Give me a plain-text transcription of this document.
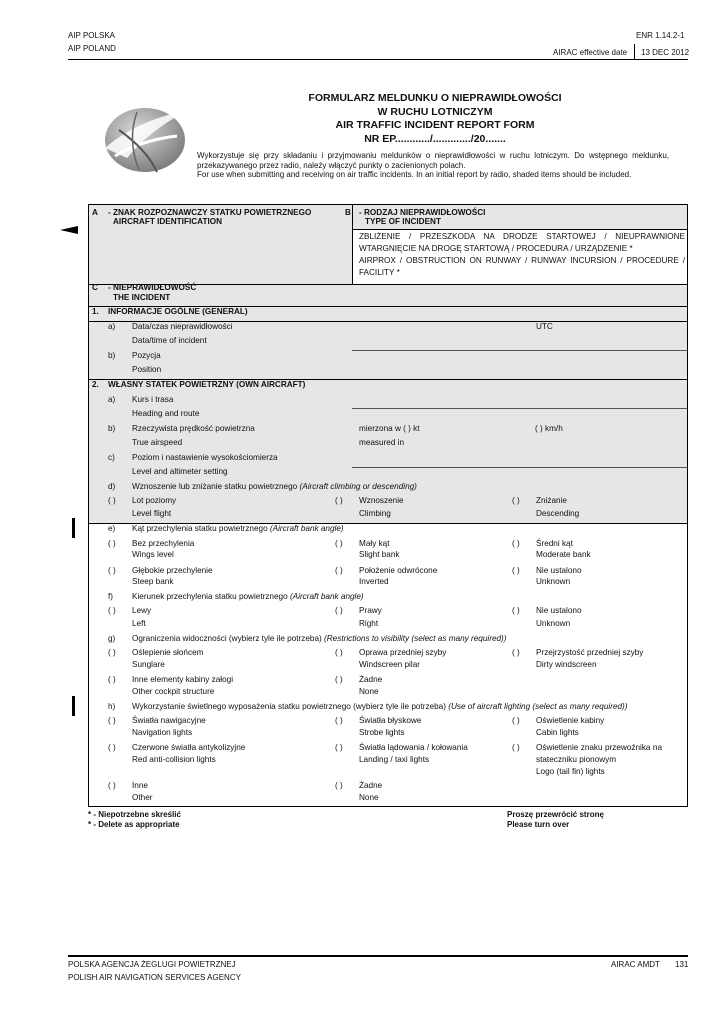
AIP POLSKA
AIP POLAND
ENR 1.14.2-1
AIRAC effective date 13 DEC 2012
FORMULARZ MELDUNKU O NIEPRAWIDŁOWOŚCI
W RUCHU LOTNICZYM
AIR TRAFFIC INCIDENT REPORT FORM
NR EP............/............./20.......
Wykorzystuje się przy składaniu i przyjmowaniu meldunków o nieprawidłowości w ruchu lotniczym. Do wstępnego meldunku, przekazywanego przez radio, należy włączyć punkty o zacienionych polach.
For use when submitting and receiving on air traffic incidents. In an initial report by radio, shaded items should be included.
A - ZNAK ROZPOZNAWCZY STATKU POWIETRZNEGO
AIRCRAFT IDENTIFICATION
B - RODZAJ NIEPRAWIDŁOWOŚCI
TYPE OF INCIDENT
ZBLIŻENIE / PRZESZKODA NA DRODZE STARTOWEJ / NIEUPRAWNIONE
WTARGNIĘCIE NA DROGĘ STARTOWĄ / PROCEDURA / URZĄDZENIE *
AIRPROX / OBSTRUCTION ON RUNWAY / RUNWAY INCURSION / PROCEDURE /
FACILITY *
C - NIEPRAWIDŁOWOŚĆ
THE INCIDENT
1. INFORMACJE OGÓLNE (GENERAL)
a) Data/czas nieprawidłowości
Data/time of incident
UTC
b) Pozycja
Position
2. WŁASNY STATEK POWIETRZNY (OWN AIRCRAFT)
a) Kurs i trasa
Heading and route
b) Rzeczywista prędkość powietrzna
True airspeed
mierzona w ( ) kt
measured in
( ) km/h
c) Poziom i nastawienie wysokościomierza
Level and altimeter setting
d) Wznoszenie lub zniżanie statku powietrznego (Aircraft climbing or descending)
( ) Lot poziomy
Level flight
( ) Wznoszenie
Climbing
( ) Zniżanie
Descending
e) Kąt przechylenia statku powietrznego (Aircraft bank angle)
( ) Bez przechylenia
Wings level
( ) Mały kąt
Slight bank
( ) Średni kąt
Moderate bank
( ) Głębokie przechylenie
Steep bank
( ) Położenie odwrócone
Inverted
( ) Nie ustalono
Unknown
f) Kierunek przechylenia statku powietrznego (Aircraft bank angle)
( ) Lewy
Left
( ) Prawy
Right
( ) Nie ustalono
Unknown
g) Ograniczenia widoczności (wybierz tyle ile potrzeba) (Restrictions to visibility (select as many required))
( ) Oślepienie słońcem
Sunglare
( ) Oprawa przedniej szyby
Windscreen pilar
( ) Przejrzystość przedniej szyby
Dirty windscreen
( ) Inne elementy kabiny załogi
Other cockpit structure
( ) Żadne
None
h) Wykorzystanie świetlnego wyposażenia statku powietrznego (wybierz tyle ile potrzeba) (Use of aircraft lighting (select as many required))
( ) Światła nawigacyjne
Navigation lights
( ) Światła błyskowe
Strobe lights
( ) Oświetlenie kabiny
Cabin lights
( ) Czerwone światła antykolizyjne
Red anti-collision lights
( ) Światła lądowania / kołowania
Landing / taxi lights
( ) Oświetlenie znaku przewoźnika na
stateczniku pionowym
Logo (tail fin) lights
( ) Inne
Other
( ) Żadne
None
* - Niepotrzebne skreślić
* - Delete as appropriate
Proszę przewrócić stronę
Please turn over
POLSKA AGENCJA ŻEGLUGI POWIETRZNEJ
POLISH AIR NAVIGATION SERVICES AGENCY
AIRAC AMDT 131
